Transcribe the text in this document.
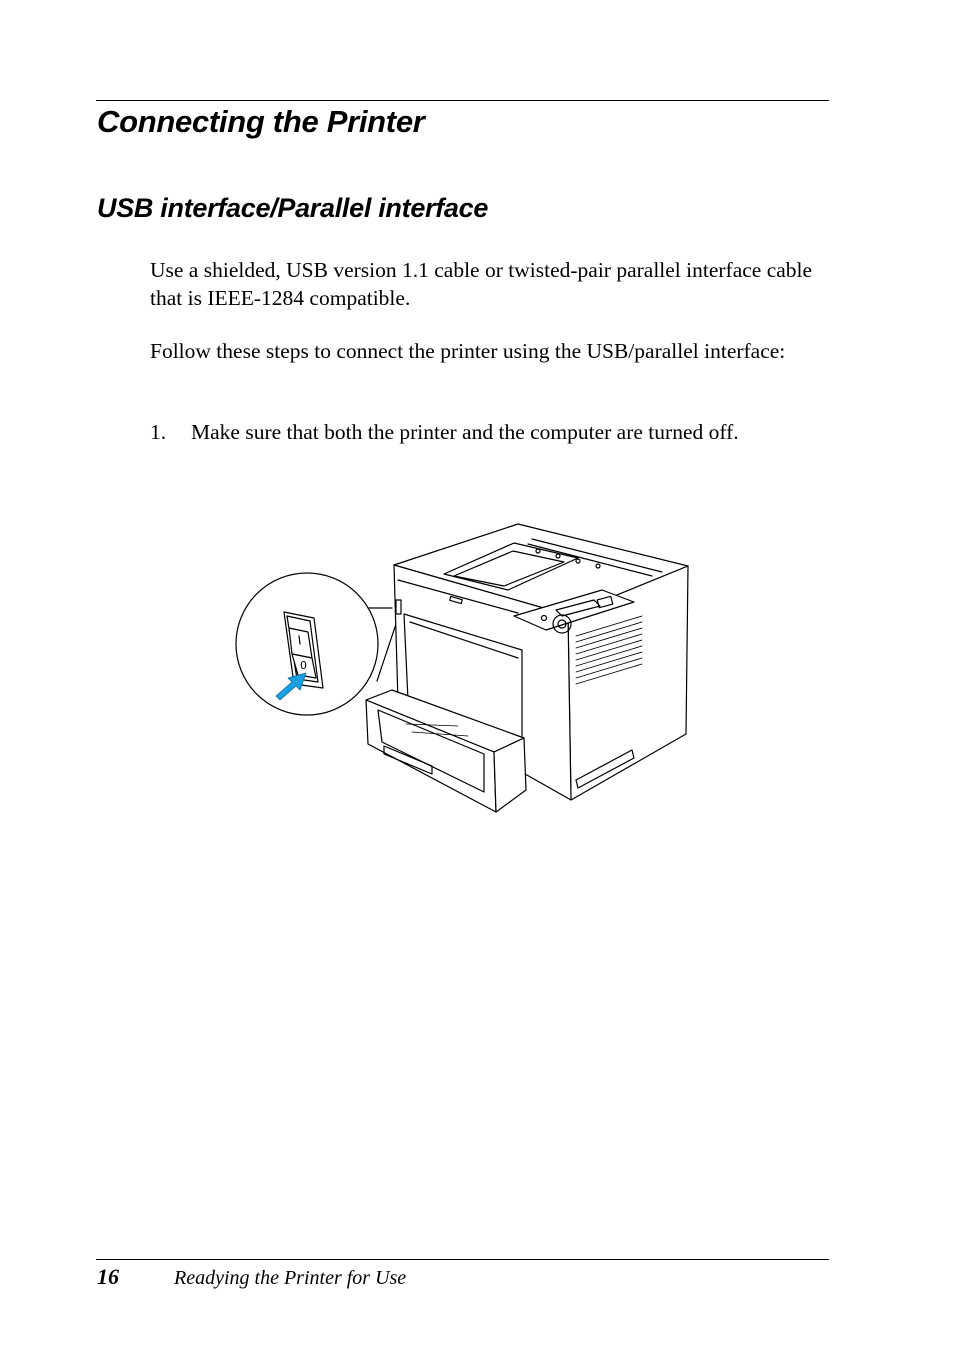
Connecting the Printer
USB interface/Parallel interface

Use a shielded, USB version 1.1 cable or twisted-pair parallel interface cable that is IEEE-1284 compatible.

Follow these steps to connect the printer using the USB/parallel interface:

1. Make sure that both the printer and the computer are turned off.
0
16	Readying the Printer for Use
